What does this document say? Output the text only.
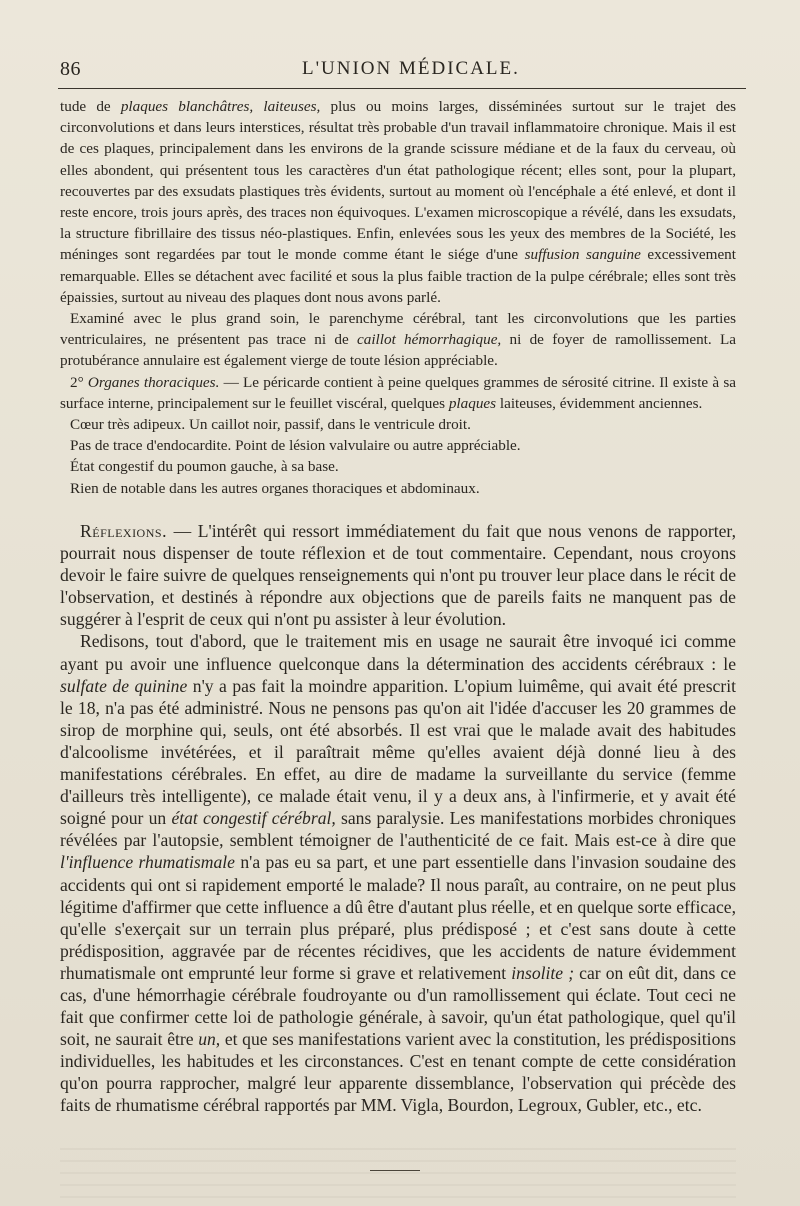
86	L'UNION MÉDICALE.

tude de plaques blanchâtres, laiteuses, plus ou moins larges, disséminées surtout sur le trajet des circonvolutions et dans leurs interstices, résultat très probable d'un travail inflammatoire chronique. Mais il est de ces plaques, principalement dans les environs de la grande scissure médiane et de la faux du cerveau, où elles abondent, qui présentent tous les caractères d'un état pathologique récent; elles sont, pour la plupart, recouvertes par des exsudats plastiques très évidents, surtout au moment où l'encéphale a été enlevé, et dont il reste encore, trois jours après, des traces non équivoques. L'examen microscopique a révélé, dans les exsudats, la structure fibrillaire des tissus néo-plastiques. Enfin, enlevées sous les yeux des membres de la Société, les méninges sont regardées par tout le monde comme étant le siége d'une suffusion sanguine excessivement remarquable. Elles se détachent avec facilité et sous la plus faible traction de la pulpe cérébrale; elles sont très épaissies, surtout au niveau des plaques dont nous avons parlé.

Examiné avec le plus grand soin, le parenchyme cérébral, tant les circonvolutions que les parties ventriculaires, ne présentent pas trace ni de caillot hémorrhagique, ni de foyer de ramollissement. La protubérance annulaire est également vierge de toute lésion appréciable.

2° Organes thoraciques. — Le péricarde contient à peine quelques grammes de sérosité citrine. Il existe à sa surface interne, principalement sur le feuillet viscéral, quelques plaques laiteuses, évidemment anciennes.

Cœur très adipeux. Un caillot noir, passif, dans le ventricule droit.

Pas de trace d'endocardite. Point de lésion valvulaire ou autre appréciable.

État congestif du poumon gauche, à sa base.

Rien de notable dans les autres organes thoraciques et abdominaux.

Réflexions. — L'intérêt qui ressort immédiatement du fait que nous venons de rapporter, pourrait nous dispenser de toute réflexion et de tout commentaire. Cependant, nous croyons devoir le faire suivre de quelques renseignements qui n'ont pu trouver leur place dans le récit de l'observation, et destinés à répondre aux objections que de pareils faits ne manquent pas de suggérer à l'esprit de ceux qui n'ont pu assister à leur évolution.

Redisons, tout d'abord, que le traitement mis en usage ne saurait être invoqué ici comme ayant pu avoir une influence quelconque dans la détermination des accidents cérébraux : le sulfate de quinine n'y a pas fait la moindre apparition. L'opium luimême, qui avait été prescrit le 18, n'a pas été administré. Nous ne pensons pas qu'on ait l'idée d'accuser les 20 grammes de sirop de morphine qui, seuls, ont été absorbés. Il est vrai que le malade avait des habitudes d'alcoolisme invétérées, et il paraîtrait même qu'elles avaient déjà donné lieu à des manifestations cérébrales. En effet, au dire de madame la surveillante du service (femme d'ailleurs très intelligente), ce malade était venu, il y a deux ans, à l'infirmerie, et y avait été soigné pour un état congestif cérébral, sans paralysie. Les manifestations morbides chroniques révélées par l'autopsie, semblent témoigner de l'authenticité de ce fait. Mais est-ce à dire que l'influence rhumatismale n'a pas eu sa part, et une part essentielle dans l'invasion soudaine des accidents qui ont si rapidement emporté le malade? Il nous paraît, au contraire, on ne peut plus légitime d'affirmer que cette influence a dû être d'autant plus réelle, et en quelque sorte efficace, qu'elle s'exerçait sur un terrain plus préparé, plus prédisposé ; et c'est sans doute à cette prédisposition, aggravée par de récentes récidives, que les accidents de nature évidemment rhumatismale ont emprunté leur forme si grave et relativement insolite ; car on eût dit, dans ce cas, d'une hémorrhagie cérébrale foudroyante ou d'un ramollissement qui éclate. Tout ceci ne fait que confirmer cette loi de pathologie générale, à savoir, qu'un état pathologique, quel qu'il soit, ne saurait être un, et que ses manifestations varient avec la constitution, les prédispositions individuelles, les habitudes et les circonstances. C'est en tenant compte de cette considération qu'on pourra rapprocher, malgré leur apparente dissemblance, l'observation qui précède des faits de rhumatisme cérébral rapportés par MM. Vigla, Bourdon, Legroux, Gubler, etc., etc.
